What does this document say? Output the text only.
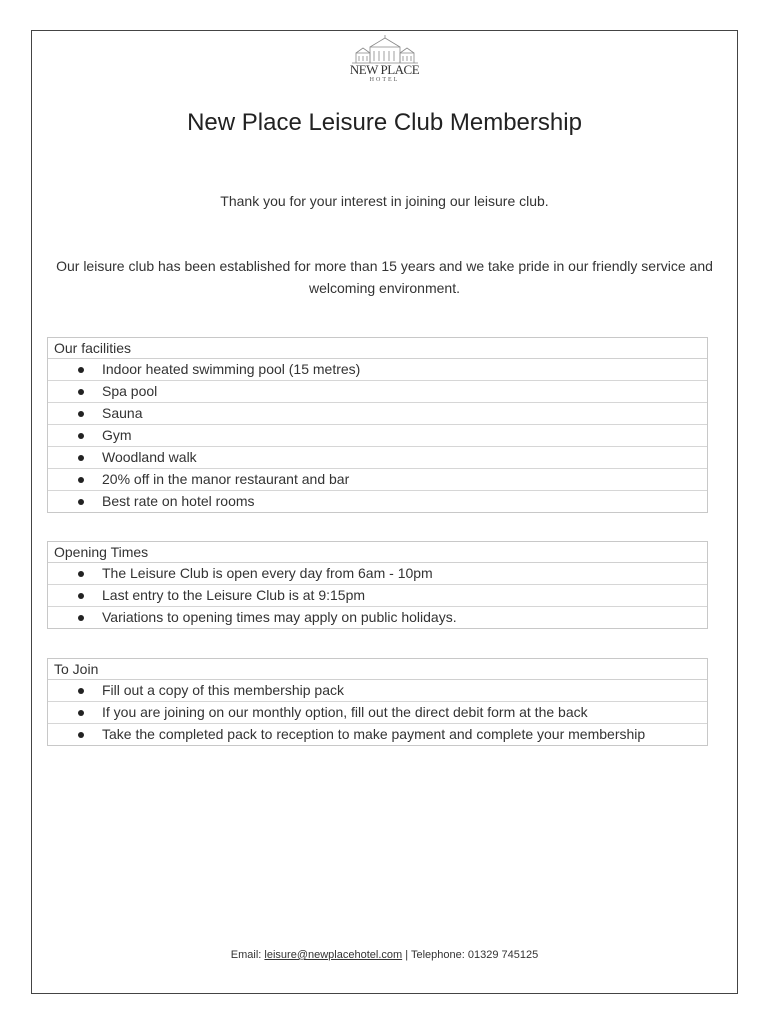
NEW PLACE
HOTEL
New Place Leisure Club Membership
Thank you for your interest in joining our leisure club.
Our leisure club has been established for more than 15 years and we take pride in our friendly service and welcoming environment.
Our facilities
Indoor heated swimming pool (15 metres)
Spa pool
Sauna
Gym
Woodland walk
20% off in the manor restaurant and bar
Best rate on hotel rooms
Opening Times
The Leisure Club is open every day from 6am - 10pm
Last entry to the Leisure Club is at 9:15pm
Variations to opening times may apply on public holidays.
To Join
Fill out a copy of this membership pack
If you are joining on our monthly option, fill out the direct debit form at the back
Take the completed pack to reception to make payment and complete your membership
Email: leisure@newplacehotel.com | Telephone: 01329 745125
